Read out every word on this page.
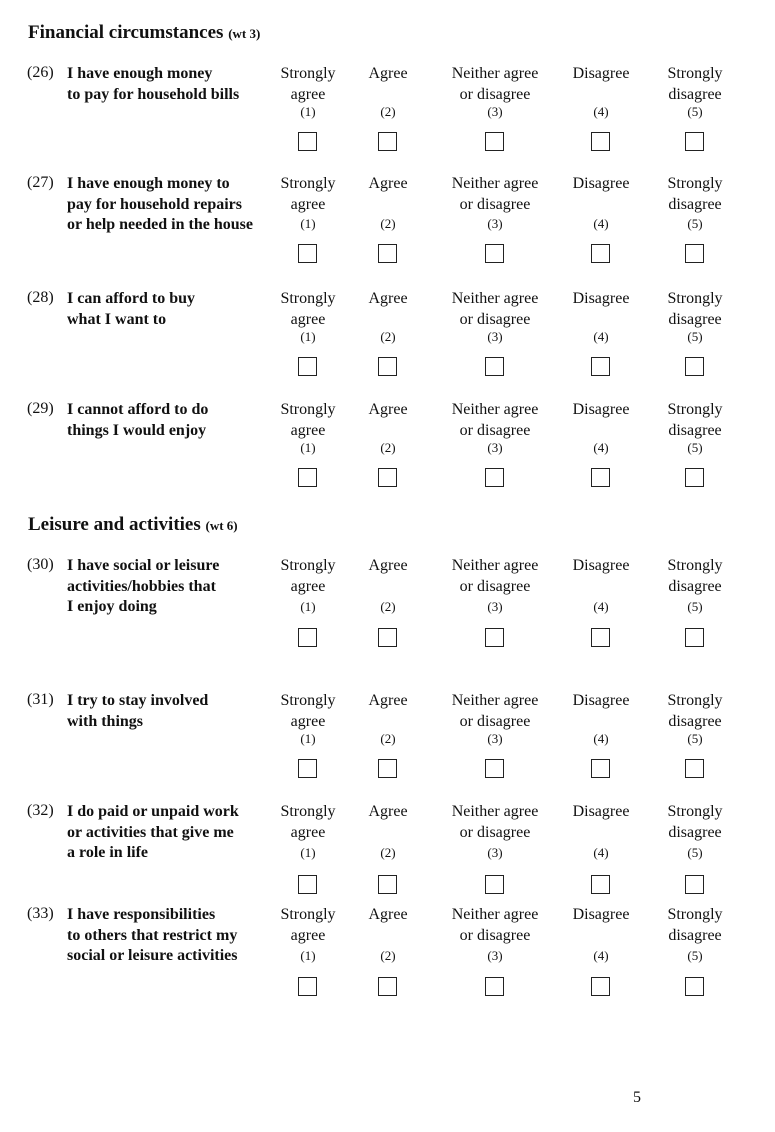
Financial circumstances (wt 3)
Leisure and activities (wt 6)
(26) I have enough money
to pay for household bills
Strongly
agree
(1)
Agree
(2)
Neither agree
or disagree
(3)
Disagree
(4)
Strongly
disagree
(5)
(27) I have enough money to
pay for household repairs
or help needed in the house
Strongly
agree
(1)
Agree
(2)
Neither agree
or disagree
(3)
Disagree
(4)
Strongly
disagree
(5)
(28) I can afford to buy
what I want to
Strongly
agree
(1)
Agree
(2)
Neither agree
or disagree
(3)
Disagree
(4)
Strongly
disagree
(5)
(29) I cannot afford to do
things I would enjoy
Strongly
agree
(1)
Agree
(2)
Neither agree
or disagree
(3)
Disagree
(4)
Strongly
disagree
(5)
(30) I have social or leisure
activities/hobbies that
I enjoy doing
Strongly
agree
(1)
Agree
(2)
Neither agree
or disagree
(3)
Disagree
(4)
Strongly
disagree
(5)
(31) I try to stay involved
with things
Strongly
agree
(1)
Agree
(2)
Neither agree
or disagree
(3)
Disagree
(4)
Strongly
disagree
(5)
(32) I do paid or unpaid work
or activities that give me
a role in life
Strongly
agree
(1)
Agree
(2)
Neither agree
or disagree
(3)
Disagree
(4)
Strongly
disagree
(5)
(33) I have responsibilities
to others that restrict my
social or leisure activities
Strongly
agree
(1)
Agree
(2)
Neither agree
or disagree
(3)
Disagree
(4)
Strongly
disagree
(5)
5
